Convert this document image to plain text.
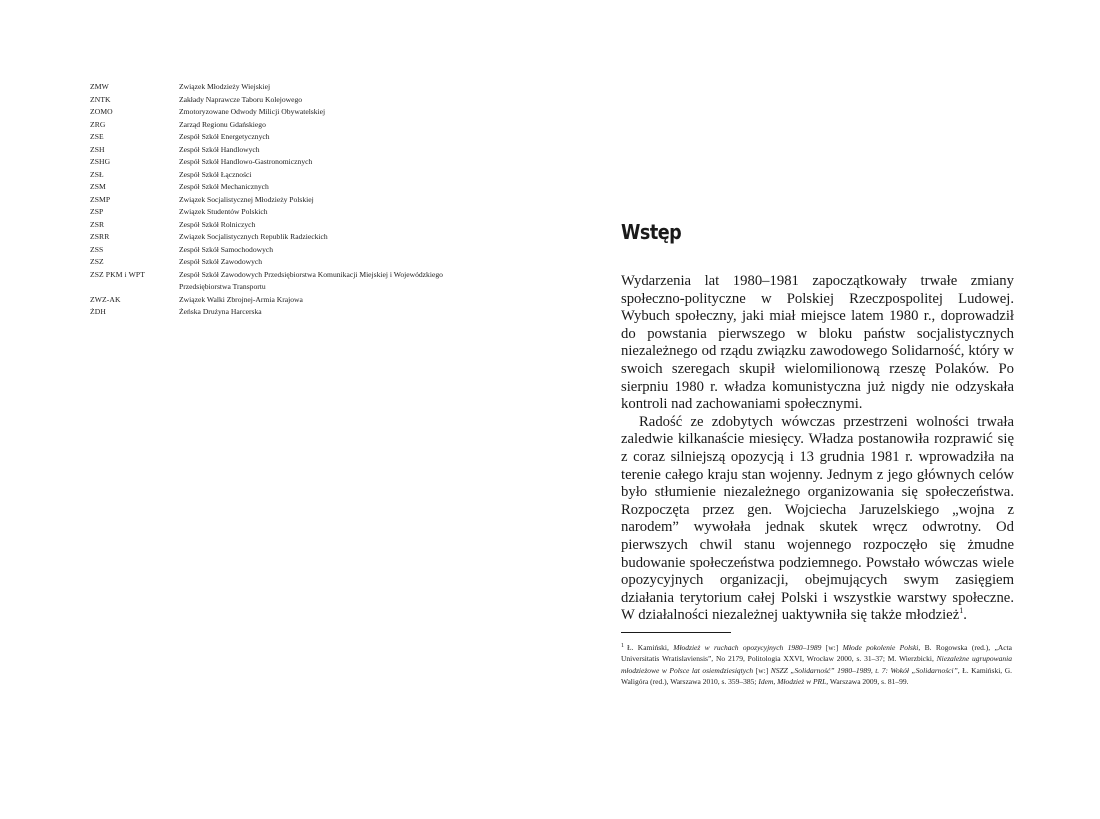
ZMW	Związek Młodzieży Wiejskiej
ZNTK	Zakłady Naprawcze Taboru Kolejowego
ZOMO	Zmotoryzowane Odwody Milicji Obywatelskiej
ZRG	Zarząd Regionu Gdańskiego
ZSE	Zespół Szkół Energetycznych
ZSH	Zespół Szkół Handlowych
ZSHG	Zespół Szkół Handlowo-Gastronomicznych
ZSŁ	Zespół Szkół Łączności
ZSM	Zespół Szkół Mechanicznych
ZSMP	Związek Socjalistycznej Młodzieży Polskiej
ZSP	Związek Studentów Polskich
ZSR	Zespół Szkół Rolniczych
ZSRR	Związek Socjalistycznych Republik Radzieckich
ZSS	Zespół Szkół Samochodowych
ZSZ	Zespół Szkół Zawodowych
ZSZ PKM i WPT	Zespół Szkół Zawodowych Przedsiębiorstwa Komunikacji Miejskiej i Wojewódzkiego
Przedsiębiorstwa Transportu
ZWZ-AK	Związek Walki Zbrojnej-Armia Krajowa
ŻDH	Żeńska Drużyna Harcerska
Wstęp

Wydarzenia lat 1980–1981 zapoczątkowały trwałe zmiany społeczno-polityczne w Polskiej Rzeczpospolitej Ludowej. Wybuch społeczny, jaki miał miejsce latem 1980 r., doprowadził do powstania pierwszego w bloku państw socjalistycznych niezależnego od rządu związku zawodowego Solidarność, który w swoich szeregach skupił wielomilionową rzeszę Polaków. Po sierpniu 1980 r. władza komunistyczna już nigdy nie odzyskała kontroli nad zachowaniami społecznymi.

Radość ze zdobytych wówczas przestrzeni wolności trwała zaledwie kilkanaście miesięcy. Władza postanowiła rozprawić się z coraz silniejszą opozycją i 13 grudnia 1981 r. wprowadziła na terenie całego kraju stan wojenny. Jednym z jego głównych celów było stłumienie niezależnego organizowania się społeczeństwa. Rozpoczęta przez gen. Wojciecha Jaruzelskiego „wojna z narodem” wywołała jednak skutek wręcz odwrotny. Od pierwszych chwil stanu wojennego rozpoczęło się żmudne budowanie społeczeństwa podziemnego. Powstało wówczas wiele opozycyjnych organizacji, obejmujących swym zasięgiem działania terytorium całej Polski i wszystkie warstwy społeczne. W działalności niezależnej uaktywniła się także młodzież$^1$.

$^1$ Ł. Kamiński, Młodzież w ruchach opozycyjnych 1980–1989 [w:] Młode pokolenie Polski, B. Rogowska (red.), „Acta Universitatis Wratislaviensis”, No 2179, Politologia XXVI, Wrocław 2000, s. 31–37; M. Wierzbicki, Niezależne ugrupowania młodzieżowe w Polsce lat osiemdziesiątych [w:] NSZZ „Solidarność” 1980–1989, t. 7: Wokół „Solidarności”, Ł. Kamiński, G. Waligóra (red.), Warszawa 2010, s. 359–385; Idem, Młodzież w PRL, Warszawa 2009, s. 81–99.
